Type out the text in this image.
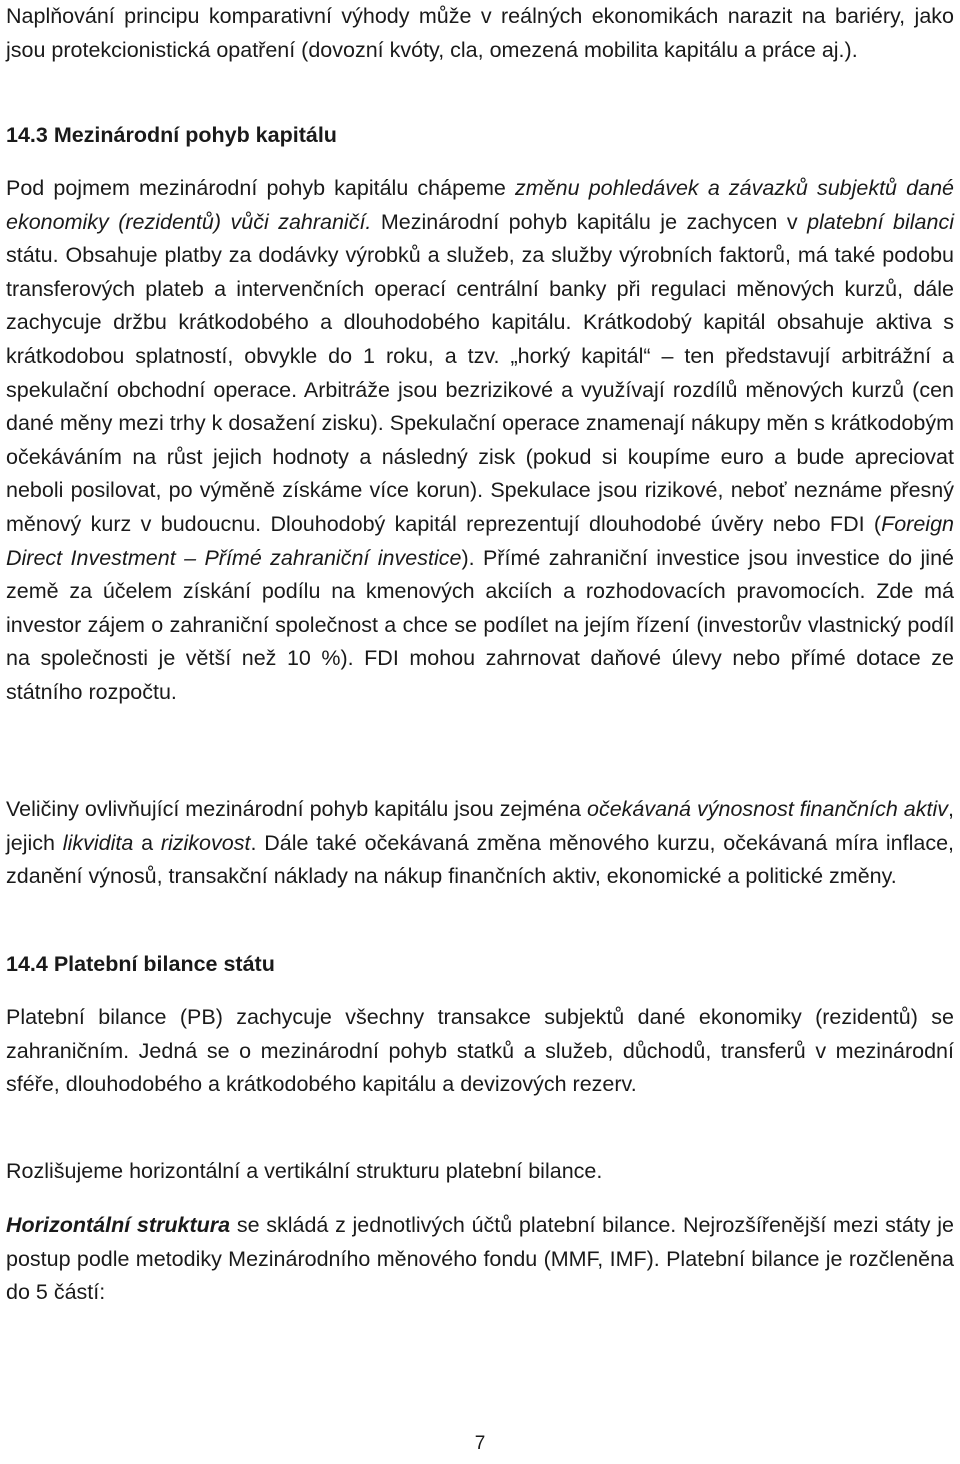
Naplňování principu komparativní výhody může v reálných ekonomikách narazit na bariéry, jako jsou protekcionistická opatření (dovozní kvóty, cla, omezená mobilita kapitálu a práce aj.).

14.3 Mezinárodní pohyb kapitálu

Pod pojmem mezinárodní pohyb kapitálu chápeme změnu pohledávek a závazků subjektů dané ekonomiky (rezidentů) vůči zahraničí. Mezinárodní pohyb kapitálu je zachycen v platební bilanci státu. Obsahuje platby za dodávky výrobků a služeb, za služby výrobních faktorů, má také podobu transferových plateb a intervenčních operací centrální banky při regulaci měnových kurzů, dále zachycuje držbu krátkodobého a dlouhodobého kapitálu. Krátkodobý kapitál obsahuje aktiva s krátkodobou splatností, obvykle do 1 roku, a tzv. „horký kapitál“ – ten představují arbitrážní a spekulační obchodní operace. Arbitráže jsou bezrizikové a využívají rozdílů měnových kurzů (cen dané měny mezi trhy k dosažení zisku). Spekulační operace znamenají nákupy měn s krátkodobým očekáváním na růst jejich hodnoty a následný zisk (pokud si koupíme euro a bude apreciovat neboli posilovat, po výměně získáme více korun). Spekulace jsou rizikové, neboť neznáme přesný měnový kurz v budoucnu. Dlouhodobý kapitál reprezentují dlouhodobé úvěry nebo FDI (Foreign Direct Investment – Přímé zahraniční investice). Přímé zahraniční investice jsou investice do jiné země za účelem získání podílu na kmenových akciích a rozhodovacích pravomocích. Zde má investor zájem o zahraniční společnost a chce se podílet na jejím řízení (investorův vlastnický podíl na společnosti je větší než 10 %). FDI mohou zahrnovat daňové úlevy nebo přímé dotace ze státního rozpočtu.

Veličiny ovlivňující mezinárodní pohyb kapitálu jsou zejména očekávaná výnosnost finančních aktiv, jejich likvidita a rizikovost. Dále také očekávaná změna měnového kurzu, očekávaná míra inflace, zdanění výnosů, transakční náklady na nákup finančních aktiv, ekonomické a politické změny.

14.4 Platební bilance státu

Platební bilance (PB) zachycuje všechny transakce subjektů dané ekonomiky (rezidentů) se zahraničním. Jedná se o mezinárodní pohyb statků a služeb, důchodů, transferů v mezinárodní sféře, dlouhodobého a krátkodobého kapitálu a devizových rezerv.

Rozlišujeme horizontální a vertikální strukturu platební bilance.

Horizontální struktura se skládá z jednotlivých účtů platební bilance. Nejrozšířenější mezi státy je postup podle metodiky Mezinárodního měnového fondu (MMF, IMF). Platební bilance je rozčleněna do 5 částí:

7
